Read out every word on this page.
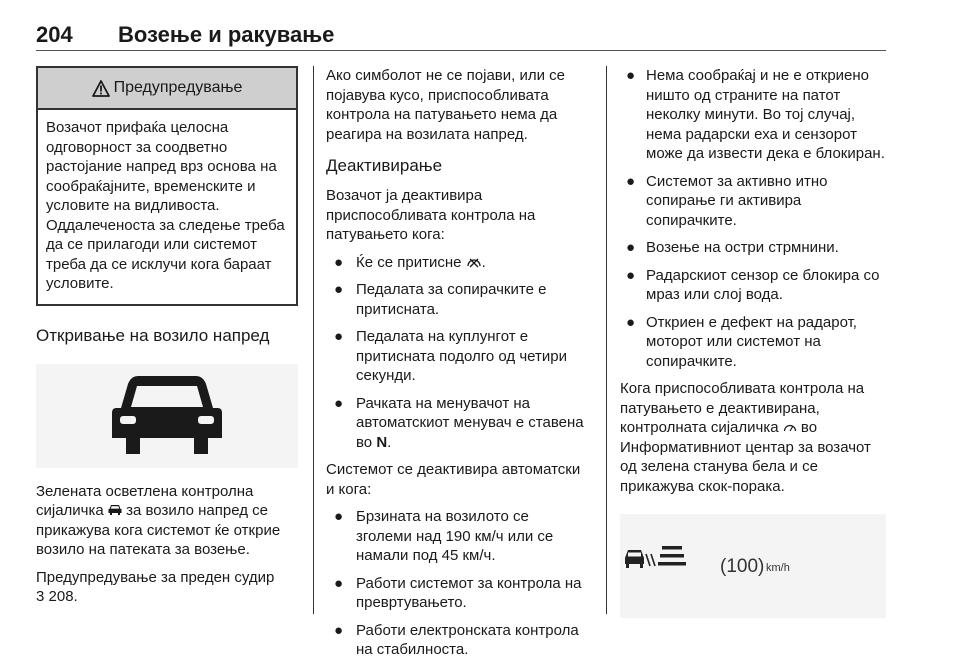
204 Возење и ракување
Предупредување
Возачот прифаќа целосна одговорност за соодветно растојание напред врз основа на сообраќајните, временските и условите на видливоста. Оддалеченоста за следење треба да се прилагоди или системот треба да се исклучи кога бараат условите.
Откривање на возило напред

Зелената осветлена контролна сијаличка за возило напред се прикажува кога системот ќе открие возило на патеката за возење.

Предупредување за преден судир
3 208.

Ако симболот не се појави, или се појавува кусо, приспособливата контрола на патувањето нема да реагира на возилата напред.

Деактивирање

Возачот ја деактивира приспособливата контрола на патувањето кога:

● Ќе се притисне .
● Педалата за сопирачките е притисната.
● Педалата на куплунгот е притисната подолго од четири секунди.
● Рачката на менувачот на автоматскиот менувач е ставена во N.

Системот се деактивира автоматски и кога:

● Брзината на возилото се зголеми над 190 км/ч или се намали под 45 км/ч.
● Работи системот за контрола на превртувањето.
● Работи електронската контрола на стабилноста.
● Нема сообраќај и не е откриено ништо од страните на патот неколку минути. Во тој случај, нема радарски еха и сензорот може да извести дека е блокиран.
● Системот за активно итно сопирање ги активира сопирачките.
● Возење на остри стрмнини.
● Радарскиот сензор се блокира со мраз или слој вода.
● Откриен е дефект на радарот, моторот или системот на сопирачките.

Кога приспособливата контрола на патувањето е деактивирана, контролната сијаличка во Информативниот центар за возачот од зелена станува бела и се прикажува скок-порака.

(100) km/h
